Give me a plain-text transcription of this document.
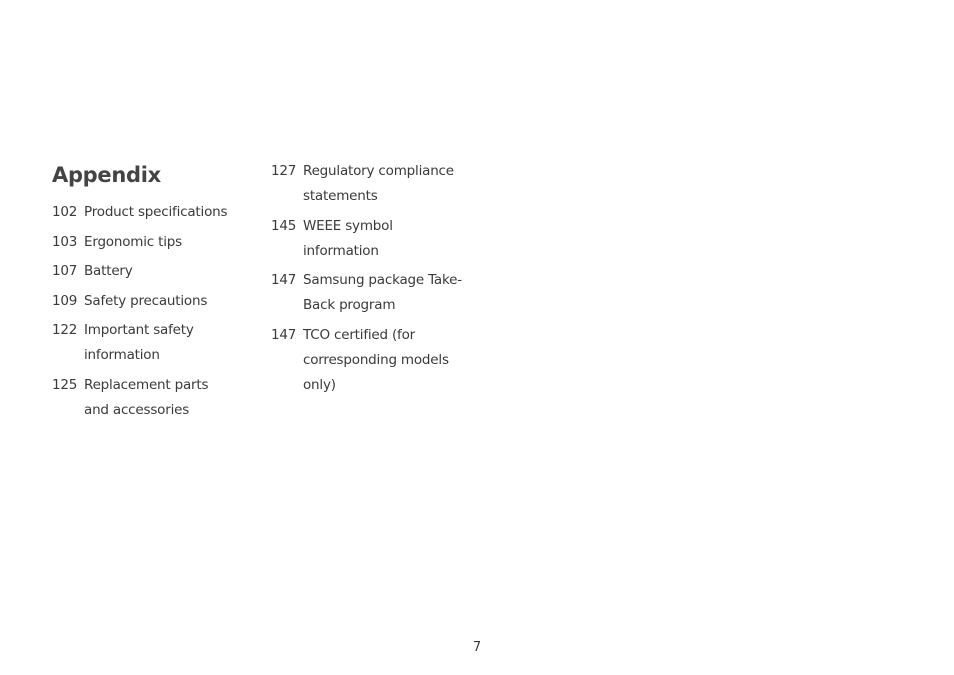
Appendix
102 Product specifications
103 Ergonomic tips
107 Battery
109 Safety precautions
122 Important safety information
125 Replacement parts and accessories
127 Regulatory compliance statements
145 WEEE symbol information
147 Samsung package Take-Back program
147 TCO certified (for corresponding models only)
7
